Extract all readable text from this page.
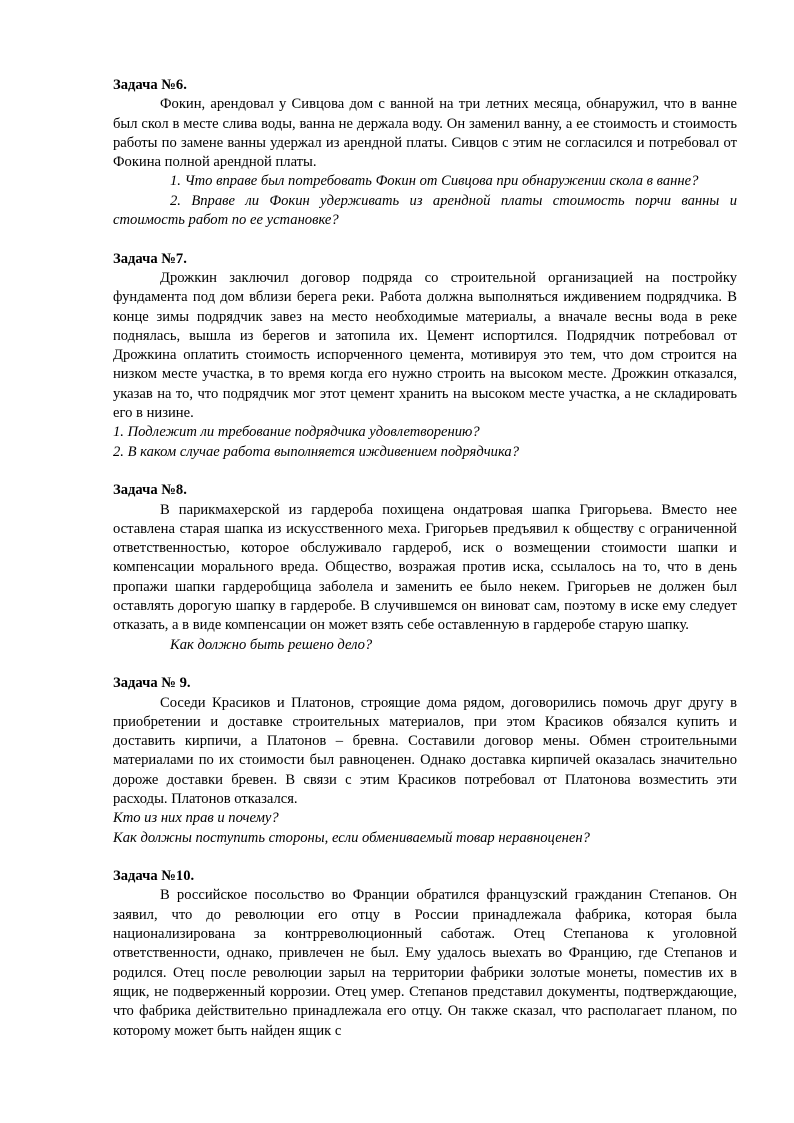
Задача №6.

Фокин, арендовал у Сивцова дом с ванной на три летних месяца, обнаружил, что в ванне был скол в месте слива воды, ванна не держала воду. Он заменил ванну, а ее стоимость и стоимость работы по замене ванны удержал из арендной платы. Сивцов с этим не согласился и потребовал от Фокина полной арендной платы.

1. Что вправе был потребовать Фокин от Сивцова при обнаружении скола в ванне?

2. Вправе ли Фокин удерживать из арендной платы стоимость порчи ванны и стоимость работ по ее установке?

Задача №7.

Дрожкин заключил договор подряда со строительной организацией на постройку фундамента под дом вблизи берега реки. Работа должна выполняться иждивением подрядчика. В конце зимы подрядчик завез на место необходимые материалы, а вначале весны вода в реке поднялась, вышла из берегов и затопила их. Цемент испортился. Подрядчик потребовал от Дрожкина оплатить стоимость испорченного цемента, мотивируя это тем, что дом строится на низком месте участка, в то время когда его нужно строить на высоком месте. Дрожкин отказался, указав на то, что подрядчик мог этот цемент хранить на высоком месте участка, а не складировать его в низине.

1. Подлежит ли требование подрядчика удовлетворению?

2. В каком случае работа выполняется иждивением подрядчика?

Задача №8.

В парикмахерской из гардероба похищена ондатровая шапка Григорьева. Вместо нее оставлена старая шапка из искусственного меха. Григорьев предъявил к обществу с ограниченной ответственностью, которое обслуживало гардероб, иск о возмещении стоимости шапки и компенсации морального вреда. Общество, возражая против иска, ссылалось на то, что в день пропажи шапки гардеробщица заболела и заменить ее было некем. Григорьев не должен был оставлять дорогую шапку в гардеробе. В случившемся он виноват сам, поэтому в иске ему следует отказать, а в виде компенсации он может взять себе оставленную в гардеробе старую шапку.

Как должно быть решено дело?

Задача № 9.

Соседи Красиков и Платонов, строящие дома рядом, договорились помочь друг другу в приобретении и доставке строительных материалов, при этом Красиков обязался купить и доставить кирпичи, а Платонов – бревна. Составили договор мены. Обмен строительными материалами по их стоимости был равноценен. Однако доставка кирпичей оказалась значительно дороже доставки бревен. В связи с этим Красиков потребовал от Платонова возместить эти расходы. Платонов отказался.

Кто из них прав и почему?

Как должны поступить стороны, если обмениваемый товар неравноценен?

Задача №10.

В российское посольство во Франции обратился французский гражданин Степанов. Он заявил, что до революции его отцу в России принадлежала фабрика, которая была национализирована за контрреволюционный саботаж. Отец Степанова к уголовной ответственности, однако, привлечен не был. Ему удалось выехать во Францию, где Степанов и родился. Отец после революции зарыл на территории фабрики золотые монеты, поместив их в ящик, не подверженный коррозии. Отец умер. Степанов представил документы, подтверждающие, что фабрика действительно принадлежала его отцу. Он также сказал, что располагает планом, по которому может быть найден ящик с
